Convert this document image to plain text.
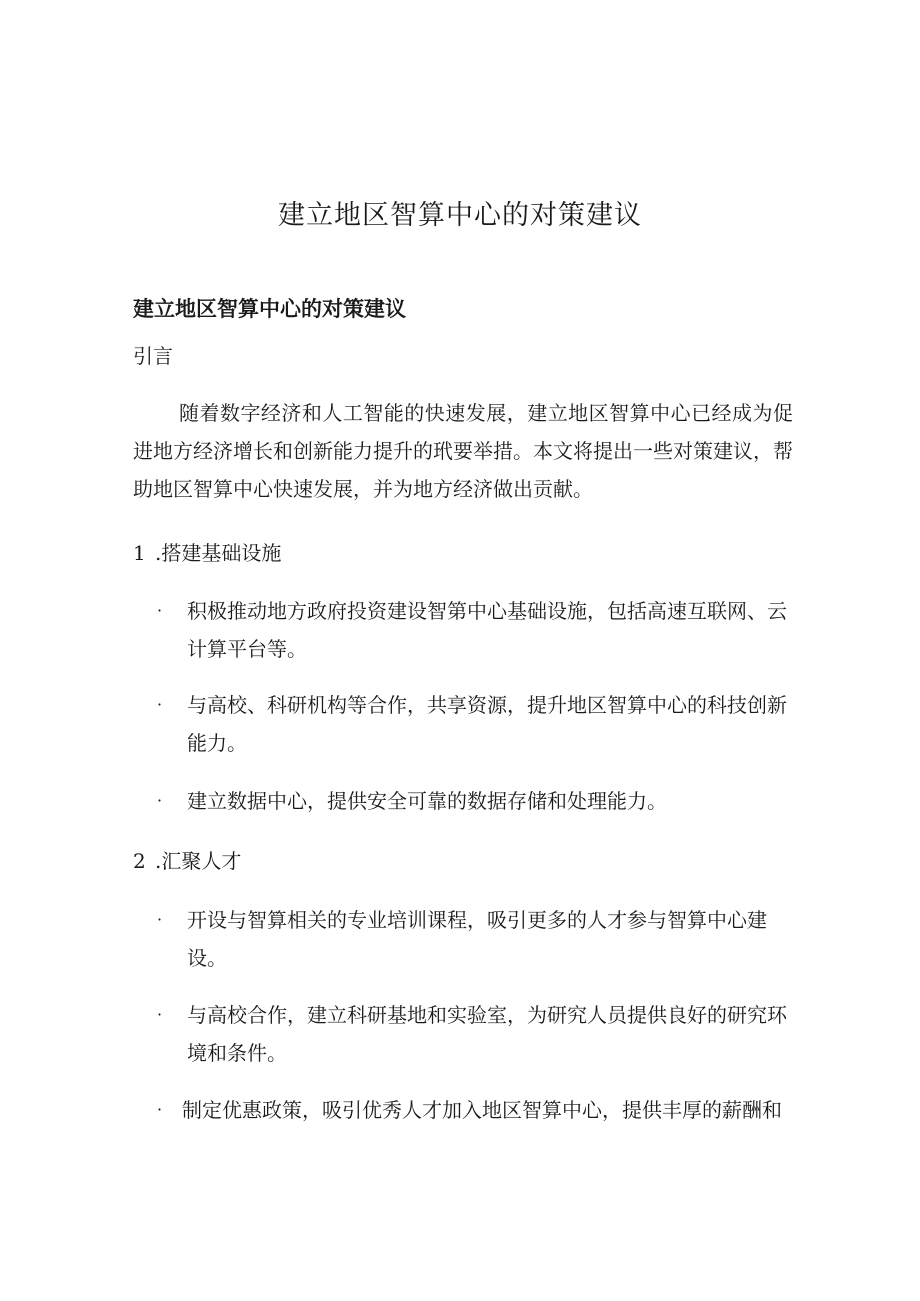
建立地区智算中心的对策建议
建立地区智算中心的对策建议

引言

随着数字经济和人工智能的快速发展，建立地区智算中心已经成为促进地方经济增长和创新能力提升的玳要举措。本文将提出一些对策建议，帮助地区智算中心快速发展，并为地方经济做出贡献。

1 .搭建基础设施

·	积极推动地方政府投资建设智第中心基础设施，包括高速互联网、云计算平台等。
·	与高校、科研机构等合作，共享资源，提升地区智算中心的科技创新能力。
·	建立数据中心，提供安全可靠的数据存储和处理能力。

2 .汇聚人才

·	开设与智算相关的专业培训课程，吸引更多的人才参与智算中心建设。
·	与高校合作，建立科研基地和实验室，为研究人员提供良好的研究环境和条件。
· 制定优惠政策，吸引优秀人才加入地区智算中心，提供丰厚的薪酬和
